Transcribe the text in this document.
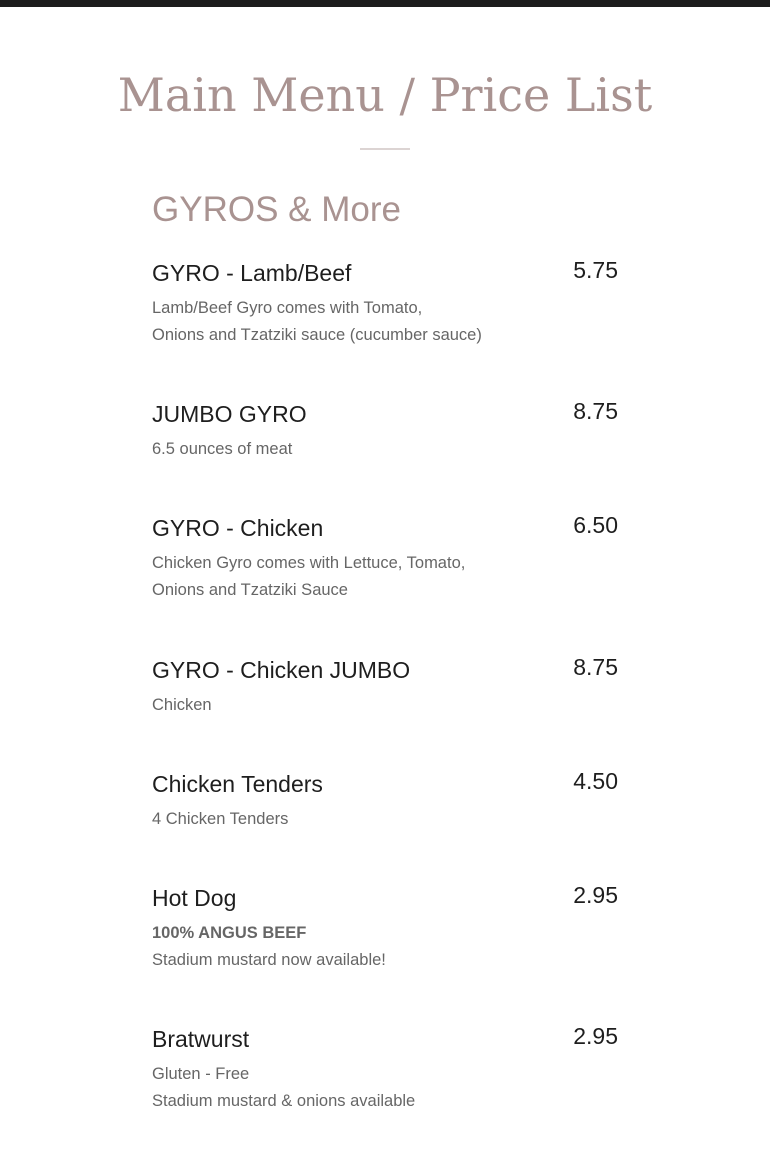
Main Menu / Price List
GYROS & More
GYRO - Lamb/Beef	5.75
Lamb/Beef Gyro comes with Tomato,
Onions and Tzatziki sauce (cucumber sauce)
JUMBO GYRO	8.75
6.5 ounces of meat
GYRO - Chicken	6.50
Chicken Gyro comes with Lettuce, Tomato,
Onions and Tzatziki Sauce
GYRO - Chicken JUMBO	8.75
Chicken
Chicken Tenders	4.50
4 Chicken Tenders
Hot Dog	2.95
100% ANGUS BEEF
Stadium mustard now available!
Bratwurst	2.95
Gluten - Free
Stadium mustard & onions available
